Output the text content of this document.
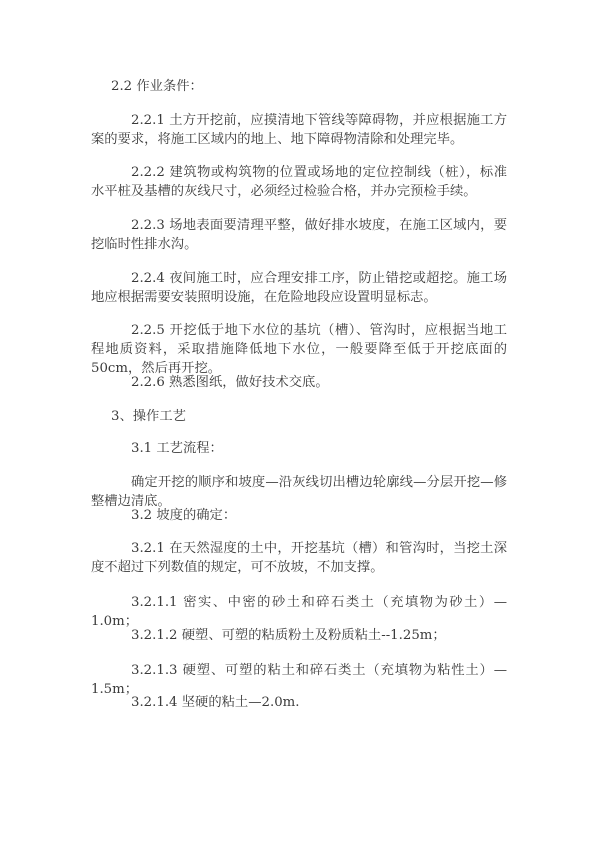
2.2 作业条件：

2.2.1 土方开挖前，应摸清地下管线等障碍物，并应根据施工方案的要求，将施工区域内的地上、地下障碍物清除和处理完毕。

2.2.2 建筑物或构筑物的位置或场地的定位控制线（桩），标准水平桩及基槽的灰线尺寸，必须经过检验合格，并办完预检手续。

2.2.3 场地表面要清理平整，做好排水坡度，在施工区域内，要挖临时性排水沟。

2.2.4 夜间施工时，应合理安排工序，防止错挖或超挖。施工场地应根据需要安装照明设施，在危险地段应设置明显标志。

2.2.5 开挖低于地下水位的基坑（槽）、管沟时，应根据当地工程地质资料，采取措施降低地下水位，一般要降至低于开挖底面的 50cm，然后再开挖。

2.2.6 熟悉图纸，做好技术交底。

3、操作工艺

3.1 工艺流程：

确定开挖的顺序和坡度—沿灰线切出槽边轮廓线—分层开挖—修整槽边清底。

3.2 坡度的确定：

3.2.1 在天然湿度的土中，开挖基坑（槽）和管沟时，当挖土深度不超过下列数值的规定，可不放坡，不加支撑。

3.2.1.1 密实、中密的砂土和碎石类土（充填物为砂土）—1.0m；

3.2.1.2 硬塑、可塑的粘质粉土及粉质粘土--1.25m；

3.2.1.3 硬塑、可塑的粘土和碎石类土（充填物为粘性土）—1.5m；

3.2.1.4 坚硬的粘土—2.0m.
